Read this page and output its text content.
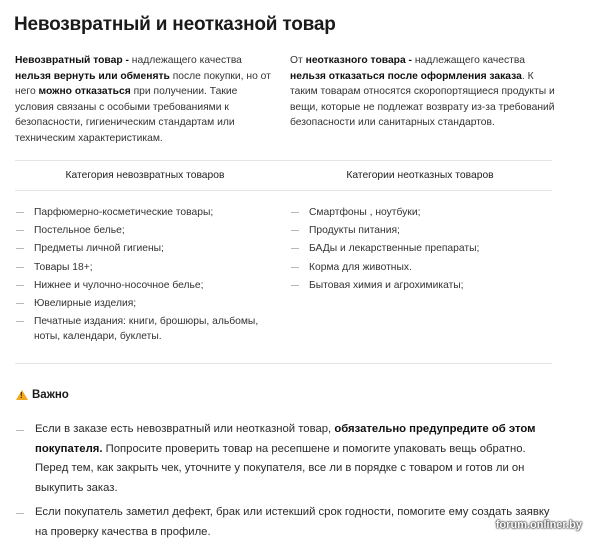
Невозвратный и неотказной товар
Невозвратный товар - надлежащего качества нельзя вернуть или обменять после покупки, но от него можно отказаться при получении. Такие условия связаны с особыми требованиями к безопасности, гигиеническим стандартам или техническим характеристикам.
От неотказного товара - надлежащего качества нельзя отказаться после оформления заказа. К таким товарам относятся скоропортящиеся продукты и вещи, которые не подлежат возврату из-за требований безопасности или санитарных стандартов.
Категория невозвратных товаров	Категории неотказных товаров
Парфюмерно-косметические товары;
Постельное белье;
Предметы личной гигиены;
Товары 18+;
Нижнее и чулочно-носочное белье;
Ювелирные изделия;
Печатные издания: книги, брошюры, альбомы, ноты, календари, буклеты.
Смартфоны , ноутбуки;
Продукты питания;
БАДы и лекарственные препараты;
Корма для животных.
Бытовая химия и агрохимикаты;
!
Важно
Если в заказе есть невозвратный или неотказной товар, обязательно предупредите об этом покупателя. Попросите проверить товар на ресепшене и помогите упаковать вещь обратно. Перед тем, как закрыть чек, уточните у покупателя, все ли в порядке с товаром и готов ли он выкупить заказ.
Если покупатель заметил дефект, брак или истекший срок годности, помогите ему создать заявку на проверку качества в профиле.
forum.onliner.by
